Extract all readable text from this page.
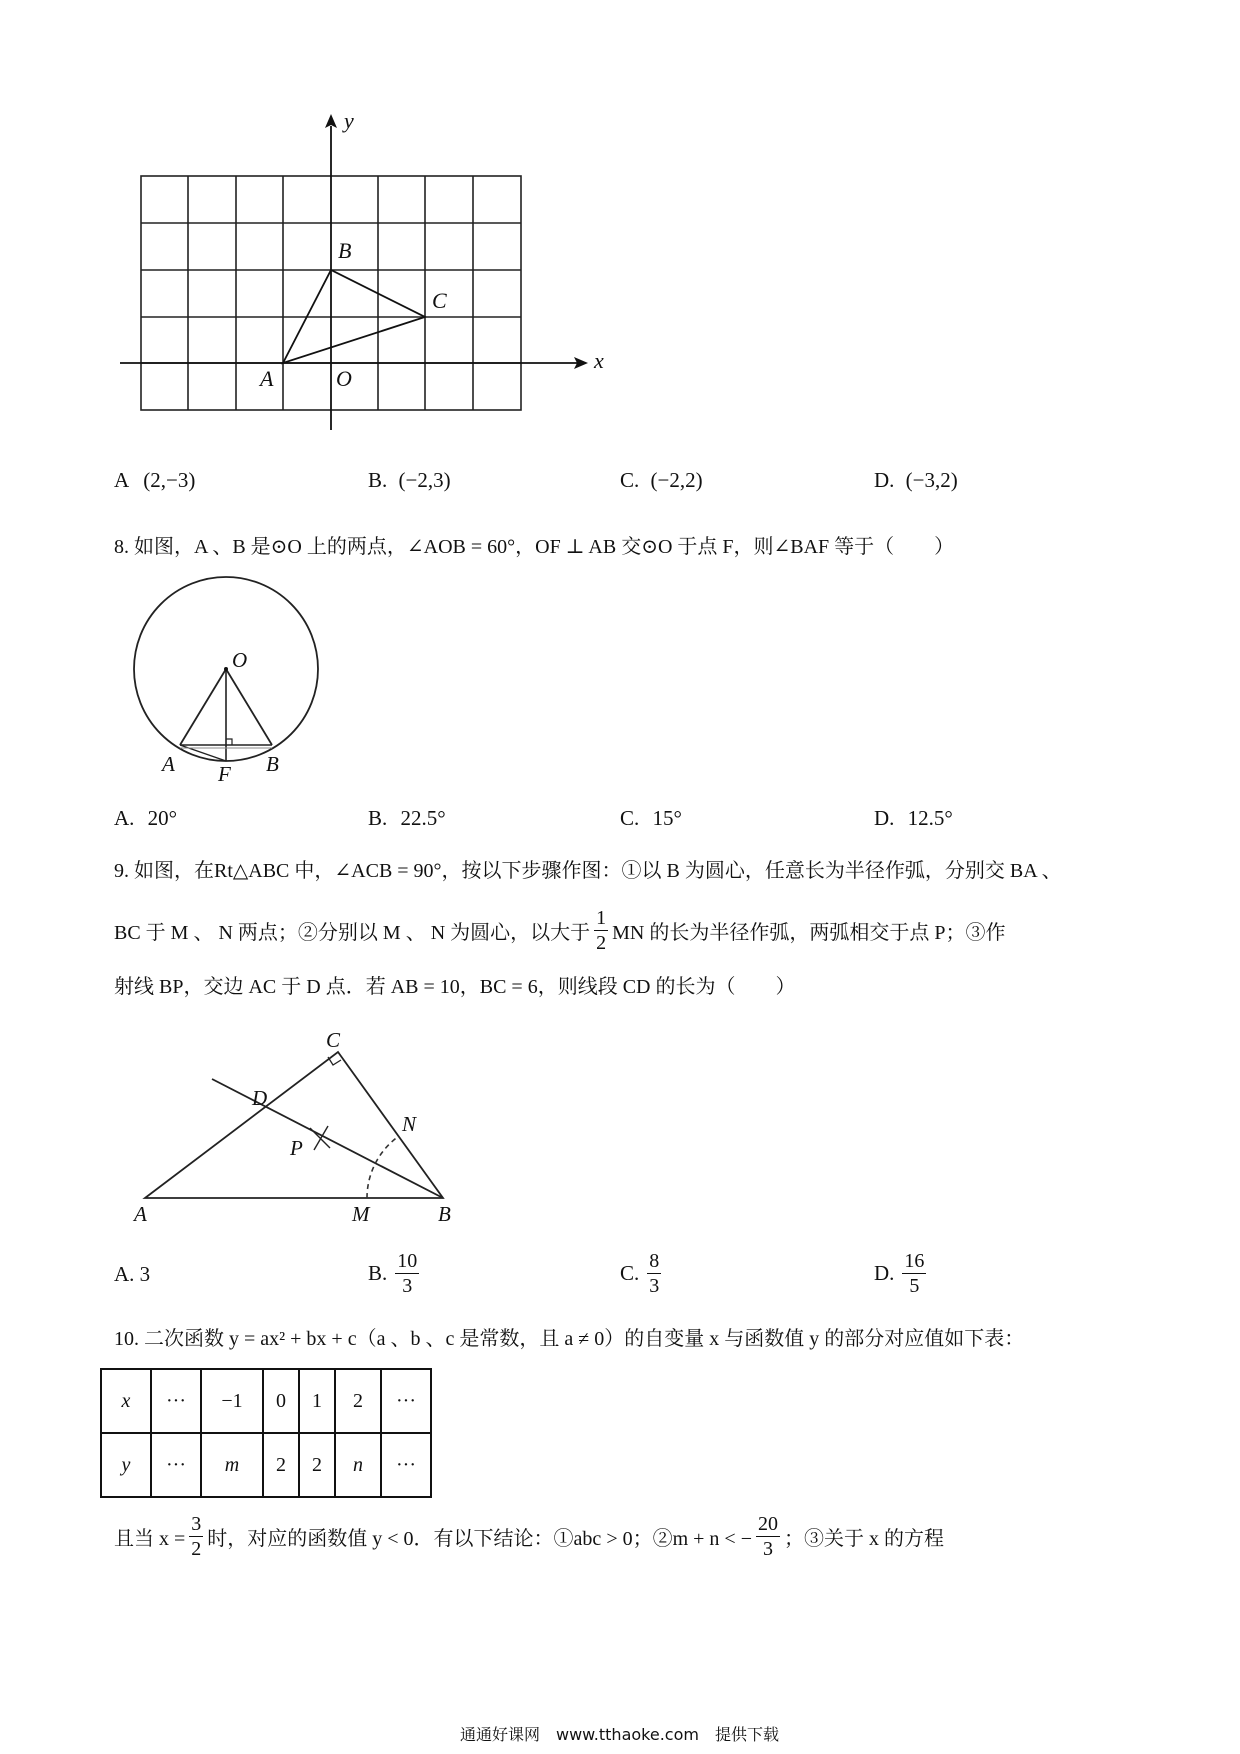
y
x
A	O
B
C
A (2,−3)	B. (−2,3)	C. (−2,2)	D. (−3,2)
8. 如图，A 、B 是⊙O 上的两点，∠AOB = 60°，OF ⊥ AB 交⊙O 于点 F，则∠BAF 等于（　　）
O
A F B
A. 20°	B. 22.5°	C. 15°	D. 12.5°
9. 如图，在Rt△ABC 中，∠ACB = 90°，按以下步骤作图：①以 B 为圆心，任意长为半径作弧，分别交 BA 、
BC 于 M 、 N 两点；②分别以 M 、 N 为圆心，以大于 $\frac{1}{2}$ MN 的长为半径作弧，两弧相交于点 P；③作
射线 BP，交边 AC 于 D 点．若 AB = 10，BC = 6，则线段 CD 的长为（　　）
C
D
N
P
A	M	B
A. 3	B. $\frac{10}{3}$	C. $\frac{8}{3}$	D. $\frac{16}{5}$
10. 二次函数 y = ax² + bx + c（a 、b 、c 是常数，且 a ≠ 0）的自变量 x 与函数值 y 的部分对应值如下表：
x	···	−1	0	1	2	···
y	···	m	2	2	n	···
且当 $x = \frac{3}{2}$ 时，对应的函数值 y < 0．有以下结论：①abc > 0；②m + n < − $\frac{20}{3}$ ；③关于 x 的方程
通通好课网　www.tthaoke.com　提供下载
